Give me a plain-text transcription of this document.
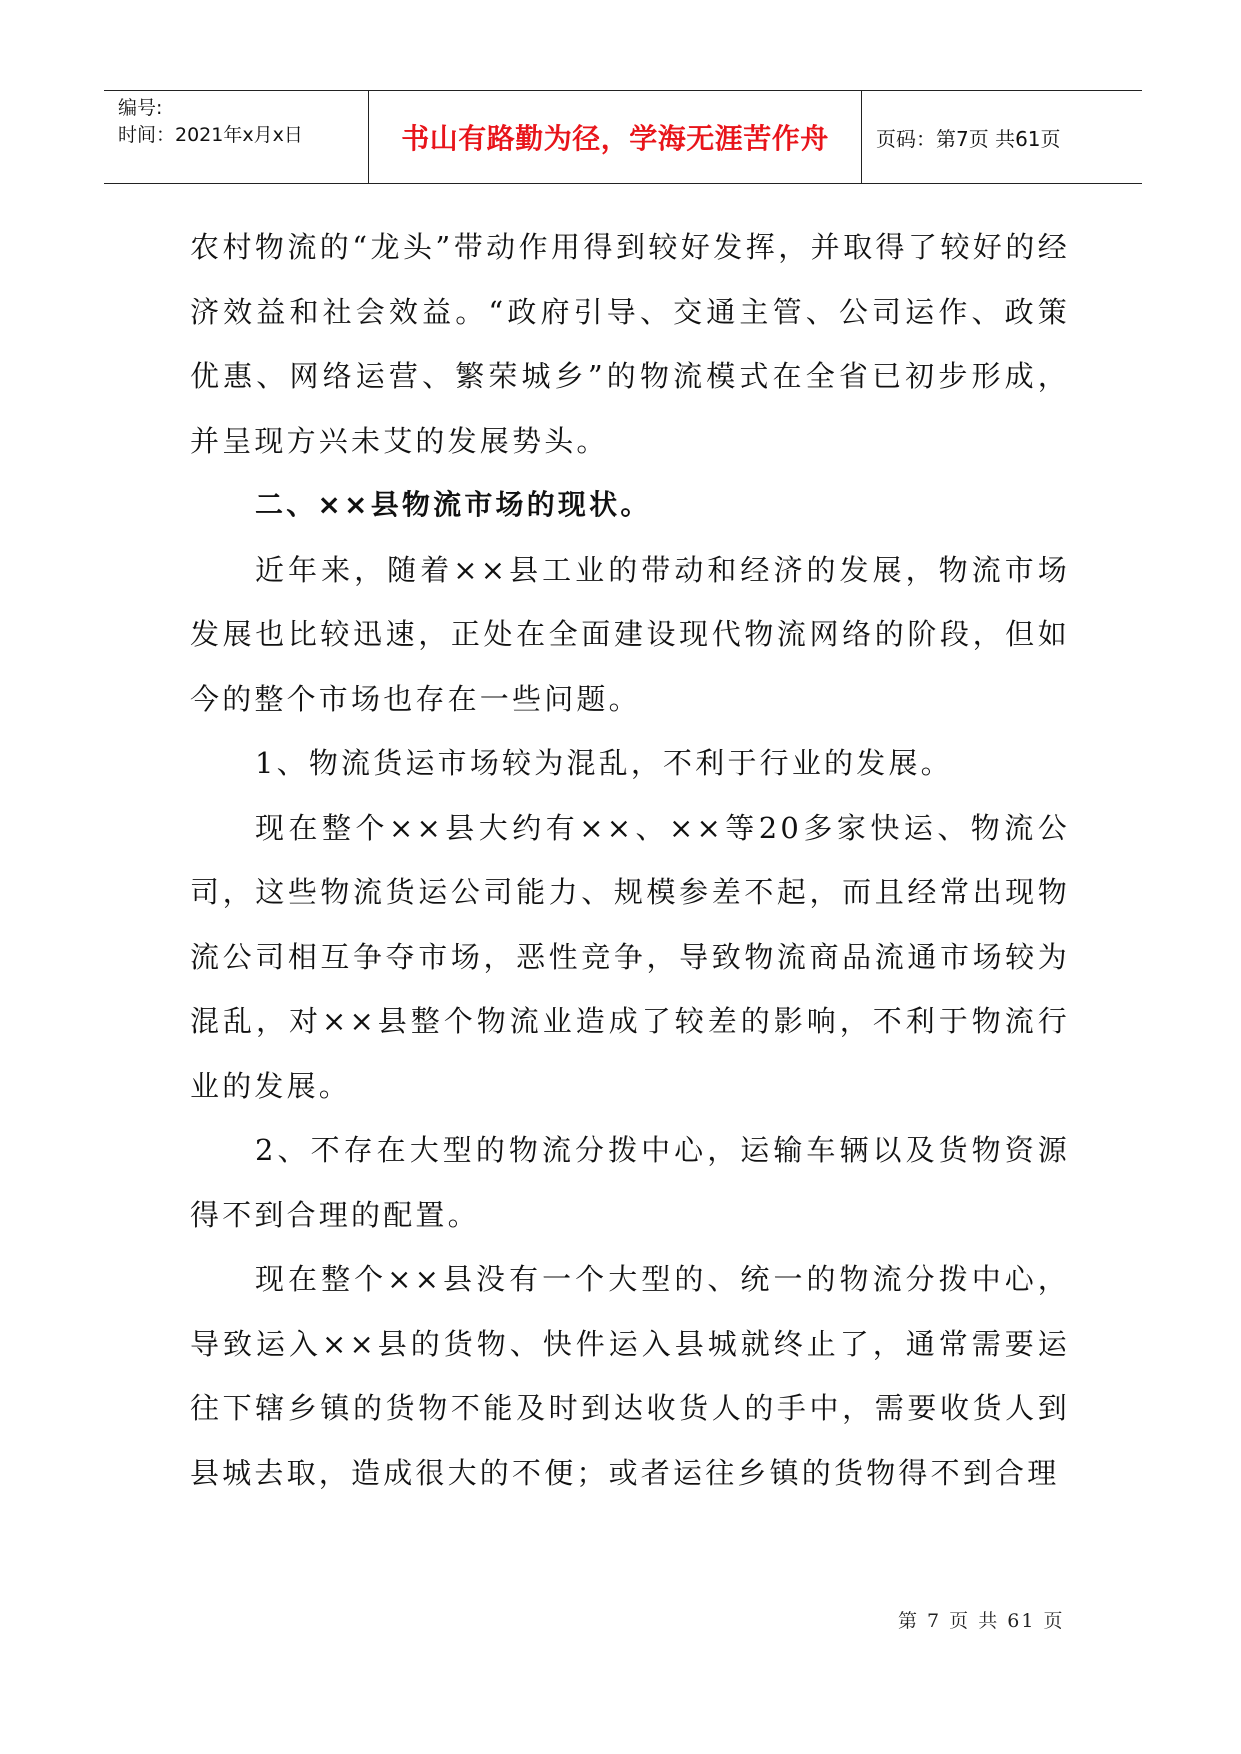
编号:
时间：2021年x月x日	书山有路勤为径，学海无涯苦作舟	页码：第7页 共61页

农村物流的“龙头”带动作用得到较好发挥，并取得了较好的经济效益和社会效益。“政府引导、交通主管、公司运作、政策优惠、网络运营、繁荣城乡”的物流模式在全省已初步形成，并呈现方兴未艾的发展势头。

二、××县物流市场的现状。

近年来，随着××县工业的带动和经济的发展，物流市场发展也比较迅速，正处在全面建设现代物流网络的阶段，但如今的整个市场也存在一些问题。

1、物流货运市场较为混乱，不利于行业的发展。

现在整个××县大约有××、××等20多家快运、物流公司，这些物流货运公司能力、规模参差不起，而且经常出现物流公司相互争夺市场，恶性竞争，导致物流商品流通市场较为混乱，对××县整个物流业造成了较差的影响，不利于物流行业的发展。

2、不存在大型的物流分拨中心，运输车辆以及货物资源得不到合理的配置。

现在整个××县没有一个大型的、统一的物流分拨中心，导致运入××县的货物、快件运入县城就终止了，通常需要运往下辖乡镇的货物不能及时到达收货人的手中，需要收货人到县城去取，造成很大的不便；或者运往乡镇的货物得不到合理

第 7 页 共 61 页
